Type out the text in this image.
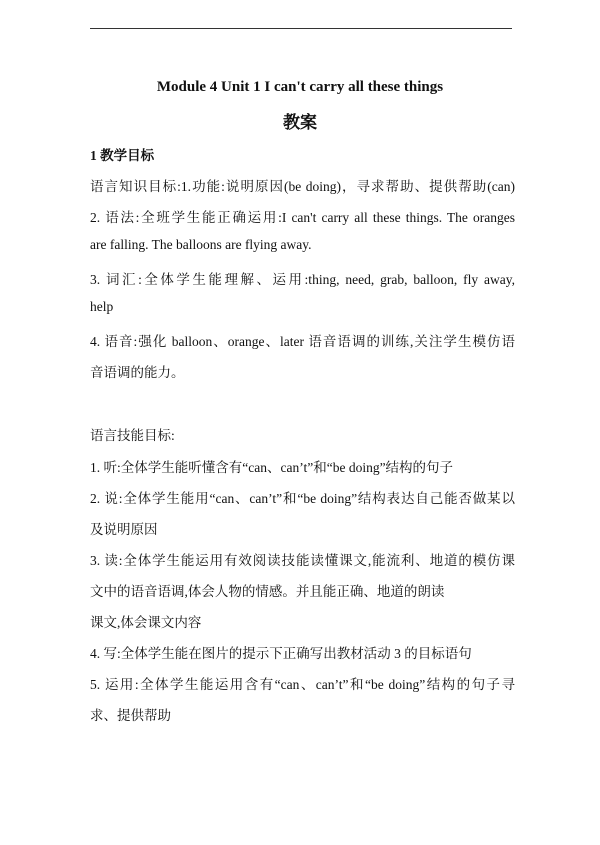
Module 4 Unit 1 I can't carry all these things
教案
1 教学目标
语言知识目标:1.功能:说明原因(be doing)，寻求帮助、提供帮助(can)
2. 语法:全班学生能正确运用:I can't carry all these things. The oranges
are falling. The balloons are flying away.
3. 词汇:全体学生能理解、运用:thing, need, grab, balloon, fly away,
help
4. 语音:强化 balloon、orange、later 语音语调的训练,关注学生模仿语
音语调的能力。
语言技能目标:
1. 听:全体学生能听懂含有“can、can’t”和“be doing”结构的句子
2. 说:全体学生能用“can、can’t”和“be doing”结构表达自己能否做某以
及说明原因
3. 读:全体学生能运用有效阅读技能读懂课文,能流利、地道的模仿课
文中的语音语调,体会人物的情感。并且能正确、地道的朗读
课文,体会课文内容
4. 写:全体学生能在图片的提示下正确写出教材活动 3 的目标语句
5. 运用:全体学生能运用含有“can、can’t”和“be doing”结构的句子寻
求、提供帮助
